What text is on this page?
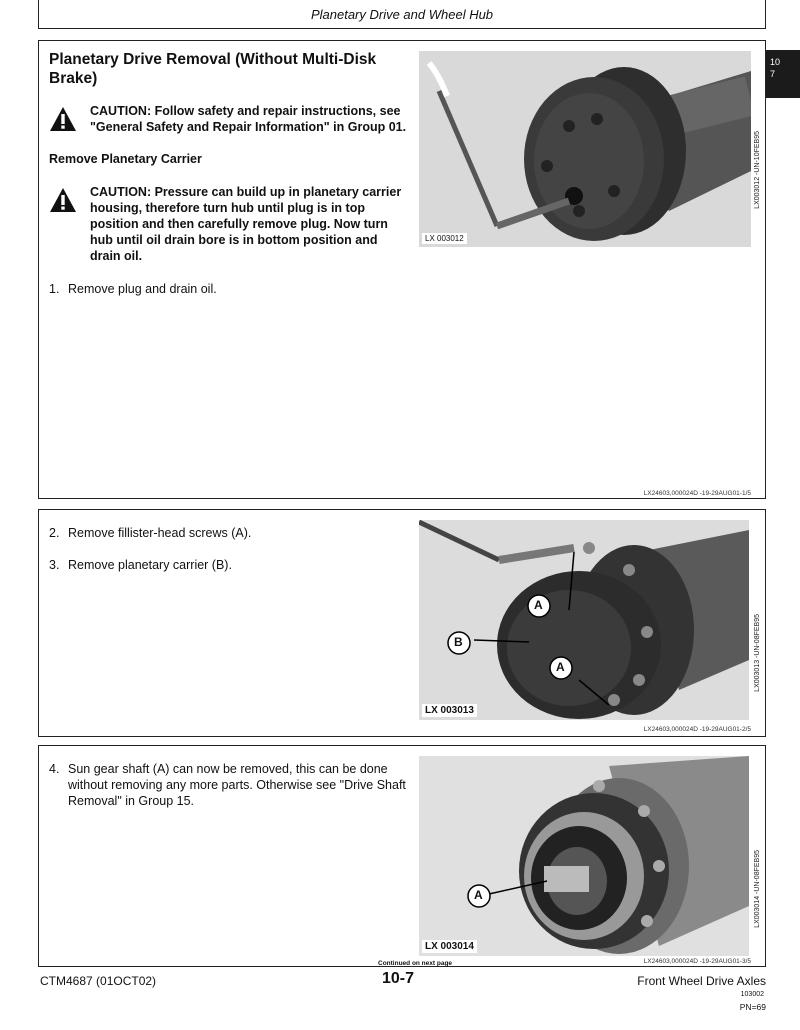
Planetary Drive and Wheel Hub
10
7
Planetary Drive Removal (Without Multi-Disk Brake)
CAUTION: Follow safety and repair instructions, see "General Safety and Repair Information" in Group 01.
Remove Planetary Carrier
CAUTION: Pressure can build up in planetary carrier housing, therefore turn hub until plug is in top position and then carefully remove plug. Now turn hub until oil drain bore is in bottom position and drain oil.
1. Remove plug and drain oil.
LX 003012
LX003012 -UN-10FEB95
LX24603,000024D -19-29AUG01-1/5
2. Remove fillister-head screws (A).
3. Remove planetary carrier (B).
A
B
A
LX 003013
LX003013 -UN-08FEB95
LX24603,000024D -19-29AUG01-2/5
4. Sun gear shaft (A) can now be removed, this can be done without removing any more parts. Otherwise see "Drive Shaft Removal" in Group 15.
A
LX 003014
LX003014 -UN-08FEB95
LX24603,000024D -19-29AUG01-3/5
Continued on next page
CTM4687 (01OCT02)	10-7	Front Wheel Drive Axles
103002
PN=69
